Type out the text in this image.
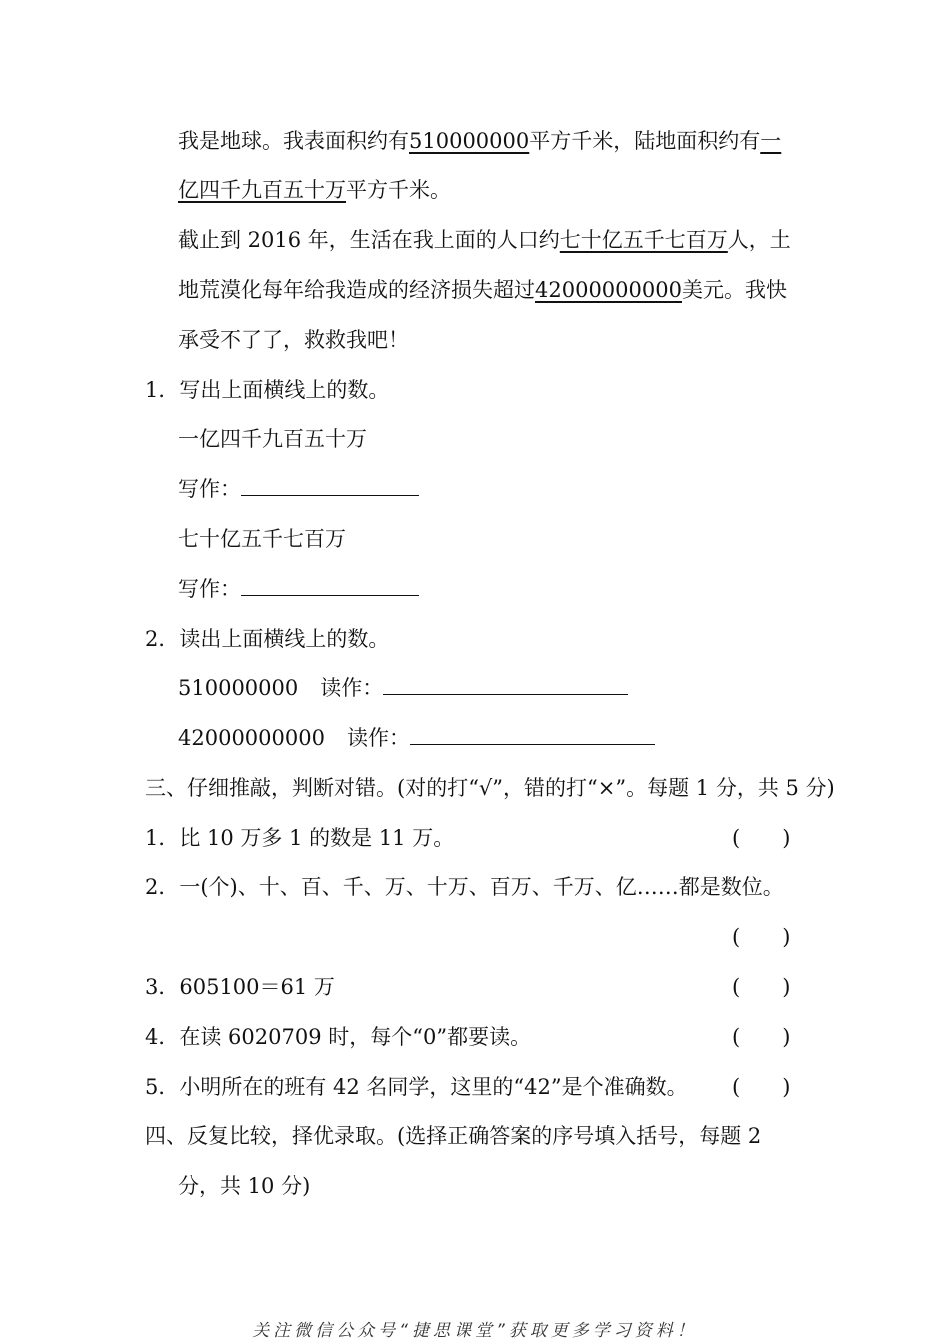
我是地球。我表面积约有510000000平方千米，陆地面积约有一
亿四千九百五十万平方千米。
截止到 2016 年，生活在我上面的人口约七十亿五千七百万人，土
地荒漠化每年给我造成的经济损失超过42000000000美元。我快
承受不了了，救救我吧！
1．写出上面横线上的数。
一亿四千九百五十万
写作：
七十亿五千七百万
写作：
2．读出上面横线上的数。
510000000 读作：
42000000000 读作：
三、仔细推敲，判断对错。(对的打“√”，错的打“×”。每题 1 分，共 5 分)
1．比 10 万多 1 的数是 11 万。	(　　)
2．一(个)、十、百、千、万、十万、百万、千万、亿……都是数位。
(　　)
3．605100＝61 万	(　　)
4．在读 6020709 时，每个“0”都要读。	(　　)
5．小明所在的班有 42 名同学，这里的“42”是个准确数。 (　　)
四、反复比较，择优录取。(选择正确答案的序号填入括号，每题 2
分，共 10 分)
关注微信公众号“捷思课堂”获取更多学习资料！
